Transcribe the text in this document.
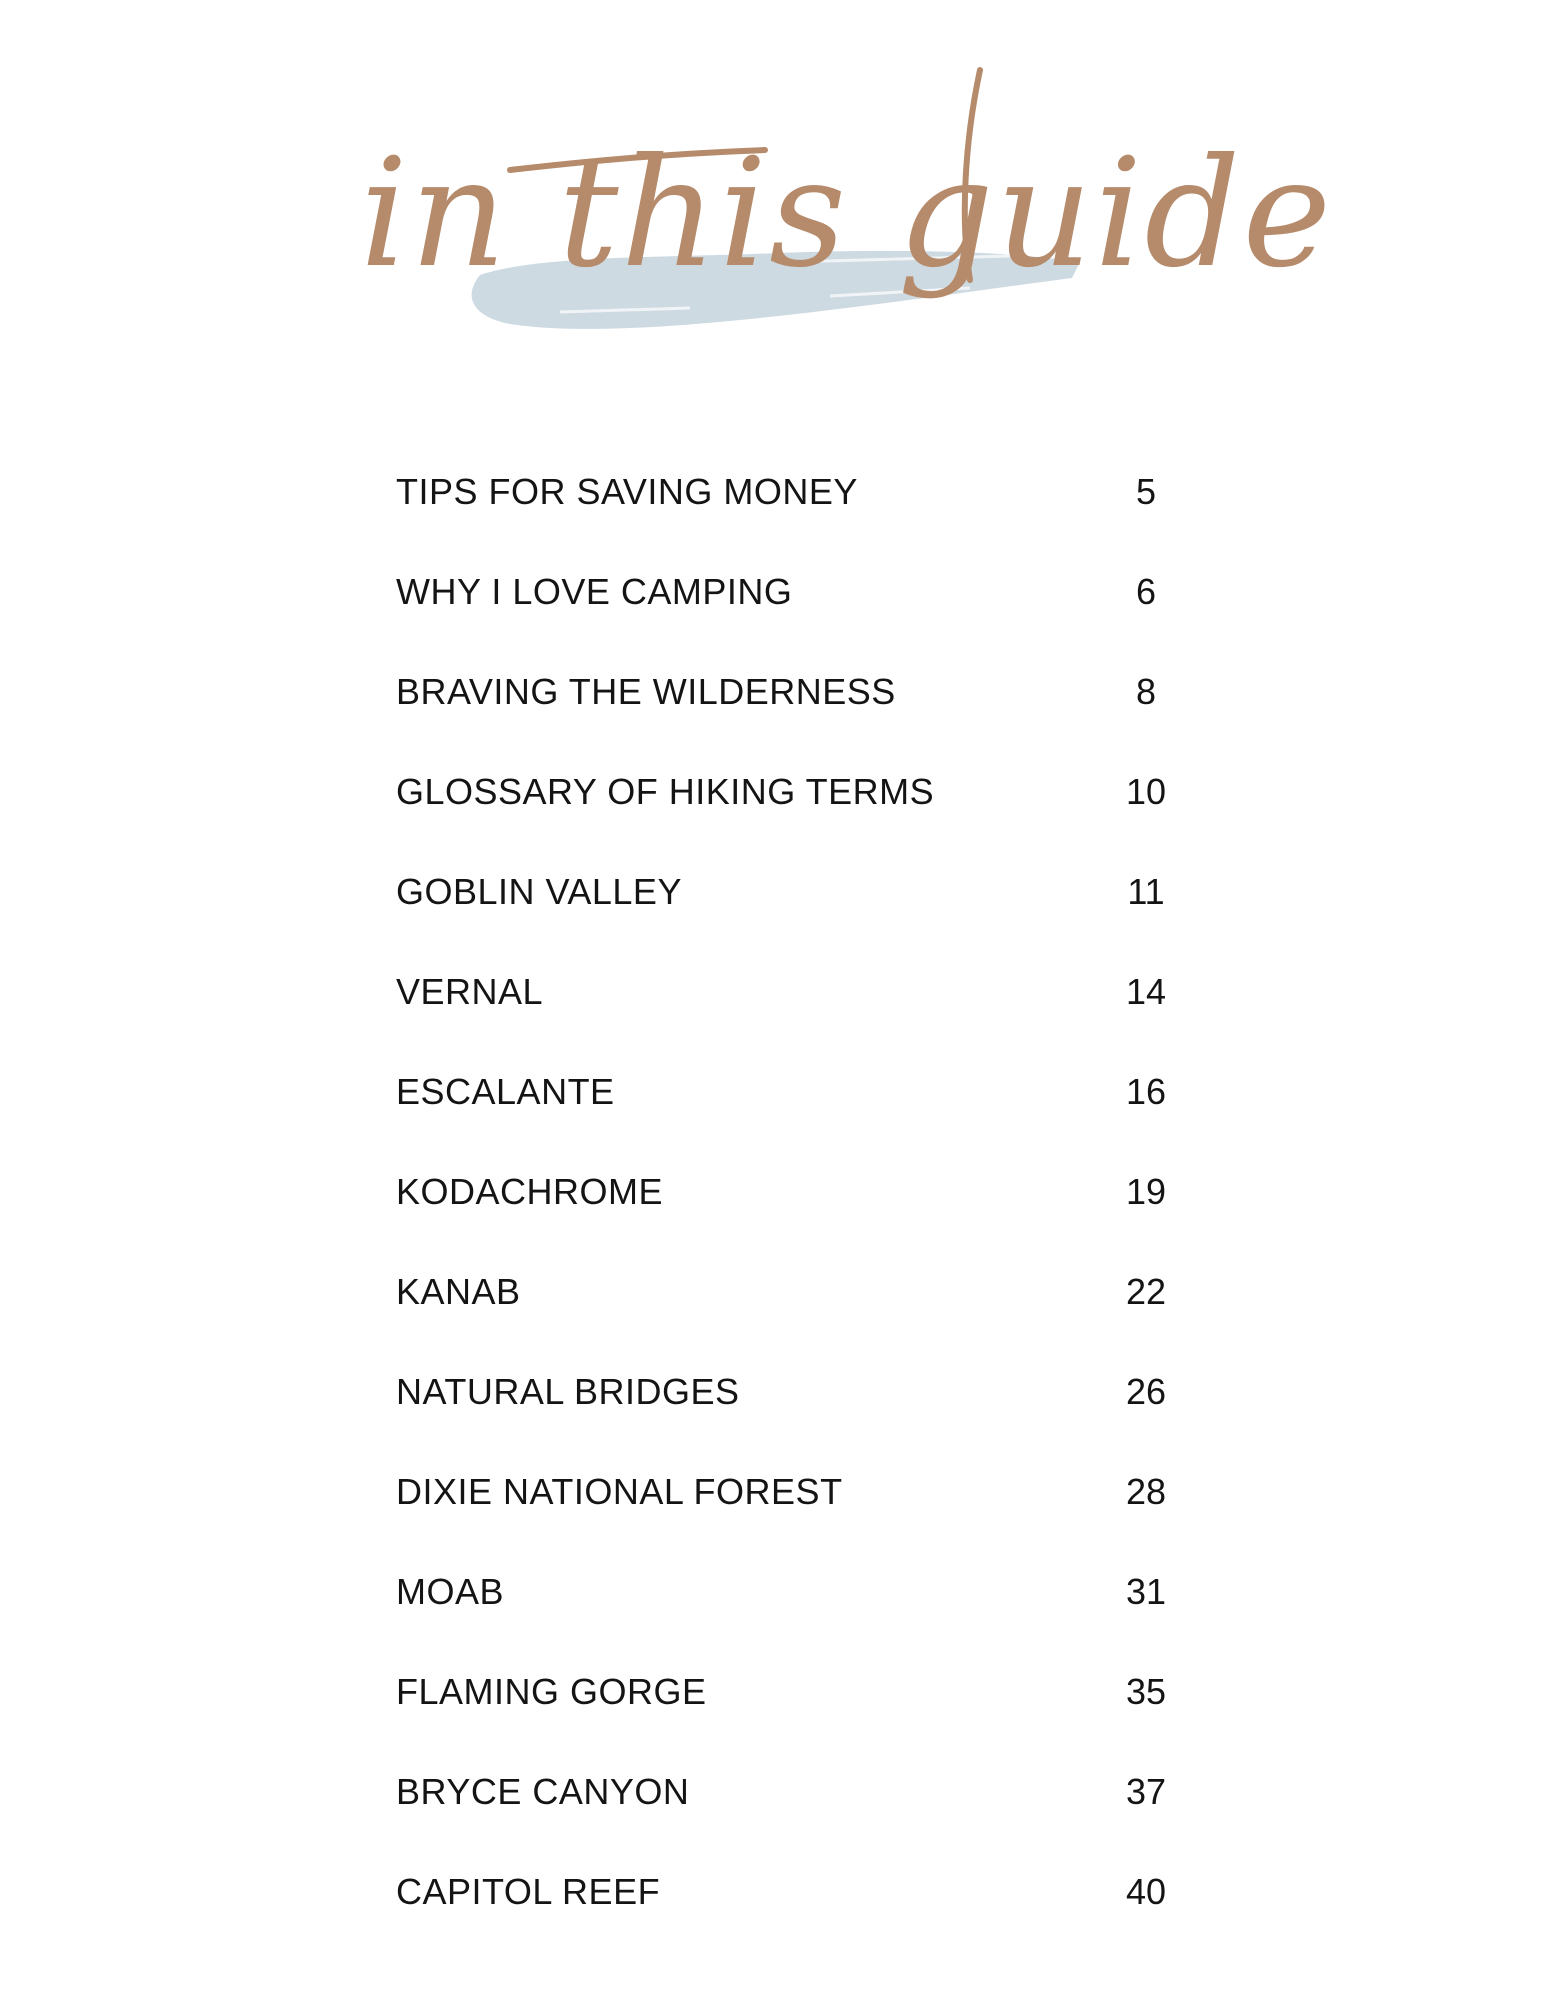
in this guide
TIPS FOR SAVING MONEY	5
WHY I LOVE CAMPING	6
BRAVING THE WILDERNESS	8
GLOSSARY OF HIKING TERMS	10
GOBLIN VALLEY	11
VERNAL	14
ESCALANTE	16
KODACHROME	19
KANAB	22
NATURAL BRIDGES	26
DIXIE NATIONAL FOREST	28
MOAB	31
FLAMING GORGE	35
BRYCE CANYON	37
CAPITOL REEF	40
